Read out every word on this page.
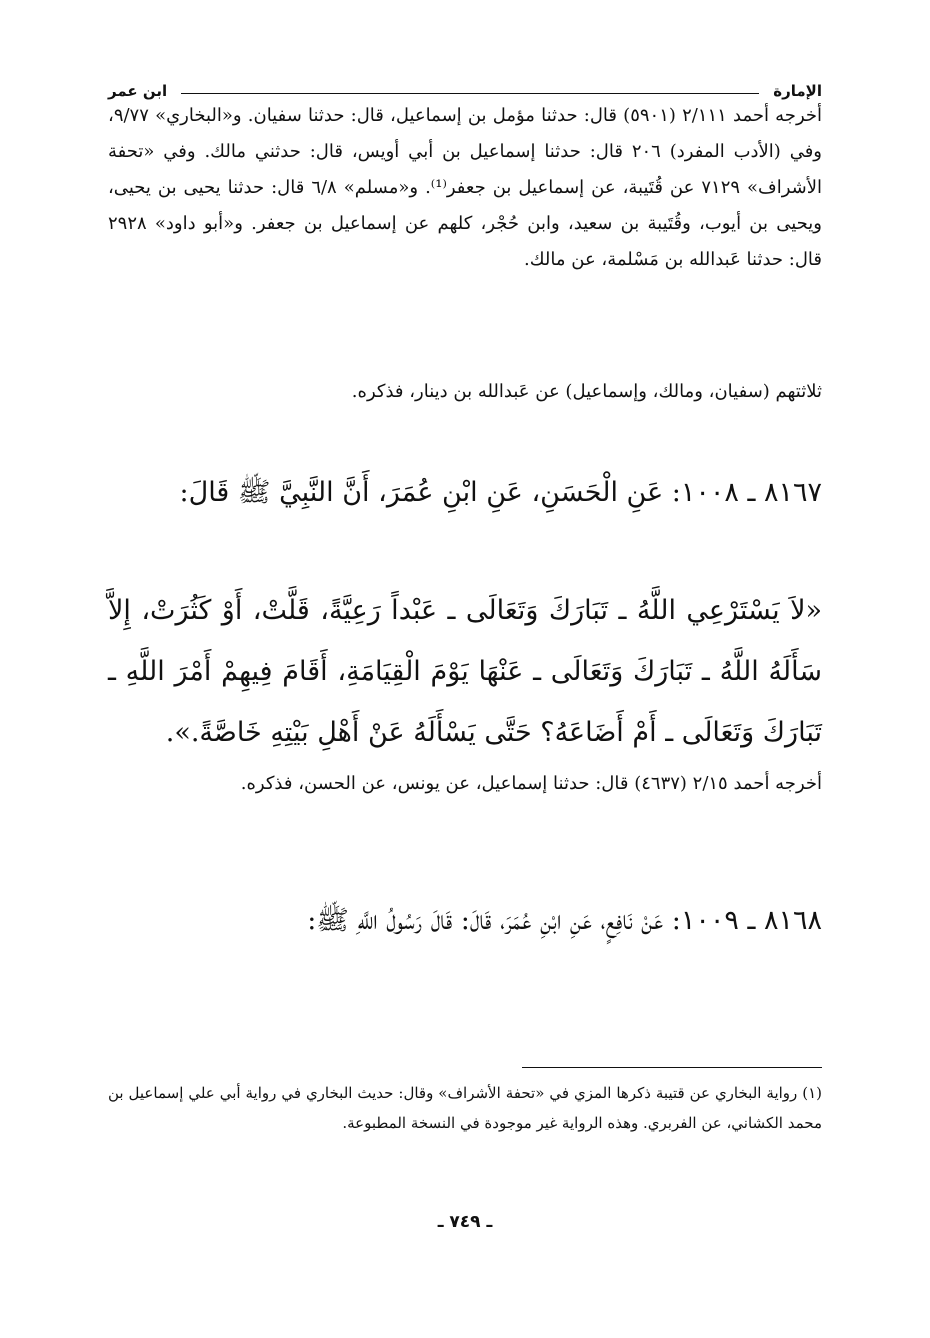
الإمارة
ابن عمر

أخرجه أحمد ٢/١١١ (٥٩٠١) قال: حدثنا مؤمل بن إسماعيل، قال: حدثنا سفيان. و«البخاري» ٩/٧٧، وفي (الأدب المفرد) ٢٠٦ قال: حدثنا إسماعيل بن أبي أويس، قال: حدثني مالك. وفي «تحفة الأشراف» ٧١٢٩ عن قُتَيبة، عن إسماعيل بن جعفر⁽¹⁾. و«مسلم» ٦/٨ قال: حدثنا يحيى بن يحيى، ويحيى بن أيوب، وقُتَيبة بن سعيد، وابن حُجْر، كلهم عن إسماعيل بن جعفر. و«أبو داود» ٢٩٢٨ قال: حدثنا عَبدالله بن مَسْلمة، عن مالك.

ثلاثتهم (سفيان، ومالك، وإسماعيل) عن عَبدالله بن دينار، فذكره.

٨١٦٧ ـ ١٠٠٨: عَنِ الْحَسَنِ، عَنِ ابْنِ عُمَرَ، أَنَّ النَّبِيَّ ﷺ قَالَ:

«لاَ يَسْتَرْعِي اللَّهُ ـ تَبَارَكَ وَتَعَالَى ـ عَبْداً رَعِيَّةً، قَلَّتْ، أَوْ كَثُرَتْ، إِلاَّ سَأَلَهُ اللَّهُ ـ تَبَارَكَ وَتَعَالَى ـ عَنْهَا يَوْمَ الْقِيَامَةِ، أَقَامَ فِيهِمْ أَمْرَ اللَّهِ ـ تَبَارَكَ وَتَعَالَى ـ أَمْ أَضَاعَهُ؟ حَتَّى يَسْأَلَهُ عَنْ أَهْلِ بَيْتِهِ خَاصَّةً.».

أخرجه أحمد ٢/١٥ (٤٦٣٧) قال: حدثنا إسماعيل، عن يونس، عن الحسن، فذكره.

٨١٦٨ ـ ١٠٠٩: عَنْ نَافِعٍ، عَنِ ابْنِ عُمَرَ، قَالَ: قَالَ رَسُولُ اللَّهِ ﷺ:

(١) رواية البخاري عن قتيبة ذكرها المزي في «تحفة الأشراف» وقال: حديث البخاري في رواية أبي علي إسماعيل بن محمد الكشاني، عن الفربري. وهذه الرواية غير موجودة في النسخة المطبوعة.

ـ ٧٤٩ ـ
